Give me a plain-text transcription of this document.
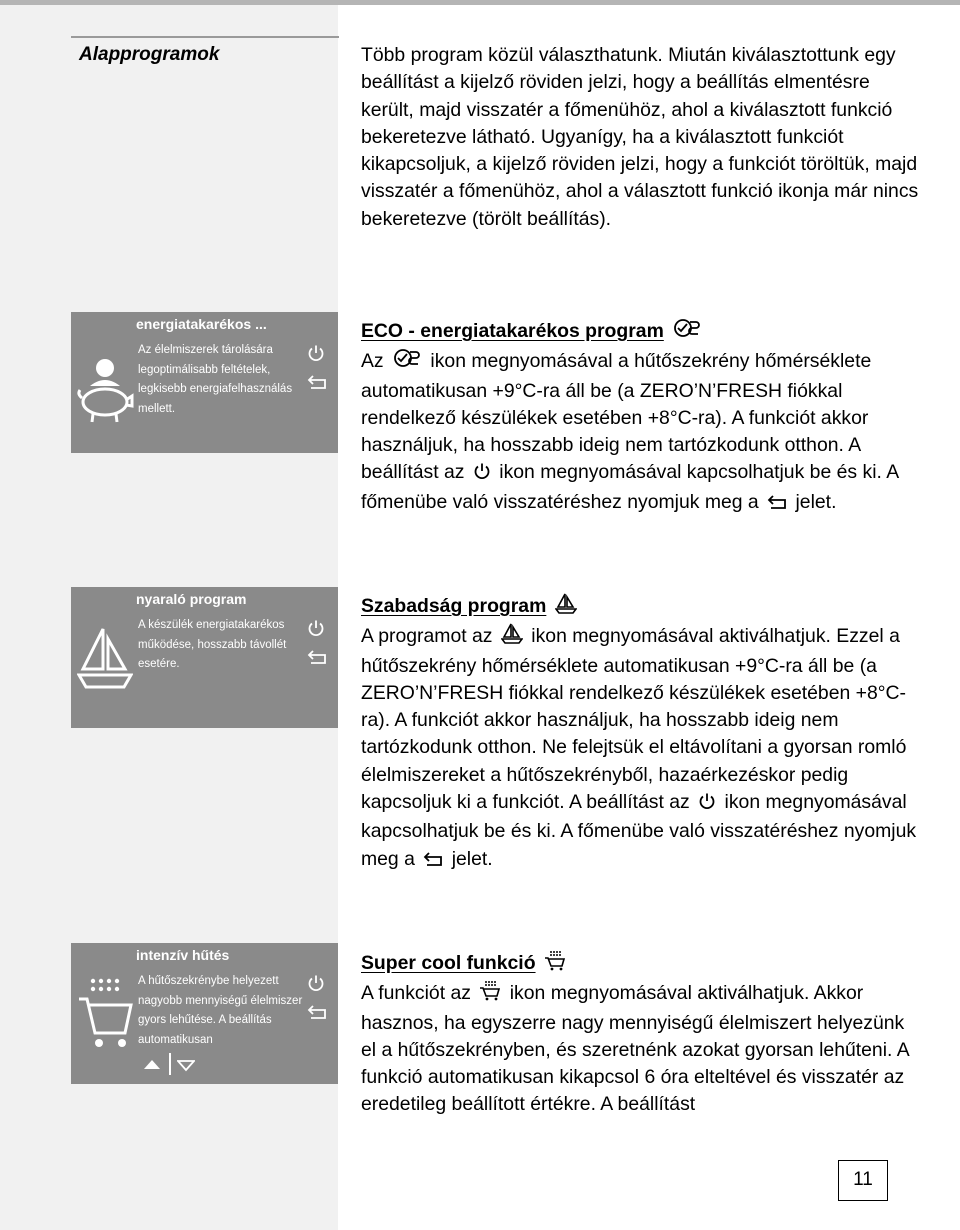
Alapprogramok	Több program közül választhatunk. Miután kiválasztottunk egy beállítást a kijelző röviden jelzi, hogy a beállítás elmentésre került, majd visszatér a főmenühöz, ahol a kiválasztott funkció bekeretezve látható. Ugyanígy, ha a kiválasztott funkciót kikapcsoljuk, a kijelző röviden jelzi, hogy a funkciót töröltük, majd visszatér a főmenühöz, ahol a választott funkció ikonja már nincs bekeretezve (törölt beállítás).

ECO - energiatakarékos program
Az ikon megnyomásával a hűtőszekrény hőmérséklete automatikusan +9°C-ra áll be (a ZERO’N’FRESH fiókkal rendelkező készülékek esetében +8°C-ra). A funkciót akkor használjuk, ha hosszabb ideig nem tartózkodunk otthon. A beállítást az ikon megnyomásával kapcsolhatjuk be és ki. A főmenübe való visszatéréshez nyomjuk meg a jelet.
Szabadság program
A programot az ikon megnyomásával aktiválhatjuk. Ezzel a hűtőszekrény hőmérséklete automatikusan +9°C-ra áll be (a ZERO’N’FRESH fiókkal rendelkező készülékek esetében +8°C-ra). A funkciót akkor használjuk, ha hosszabb ideig nem tartózkodunk otthon. Ne felejtsük el eltávolítani a gyorsan romló élelmiszereket a hűtőszekrényből, hazaérkezéskor pedig kapcsoljuk ki a funkciót. A beállítást az ikon megnyomásával kapcsolhatjuk be és ki. A főmenübe való visszatéréshez nyomjuk meg a jelet.
Super cool funkció
A funkciót az ikon megnyomásával aktiválhatjuk. Akkor hasznos, ha egyszerre nagy mennyiségű élelmiszert helyezünk el a hűtőszekrényben, és szeretnénk azokat gyorsan lehűteni. A funkció automatikusan kikapcsol 6 óra elteltével és visszatér az eredetileg beállított értékre. A beállítást
energiatakarékos ...
Az élelmiszerek tárolására legoptimálisabb feltételek, legkisebb energiafelhasználás mellett.
nyaraló program
A készülék energiatakarékos működése, hosszabb távollét esetére.
intenzív hűtés
A hűtőszekrénybe helyezett nagyobb mennyiségű élelmiszer gyors lehűtése. A beállítás automatikusan
11
